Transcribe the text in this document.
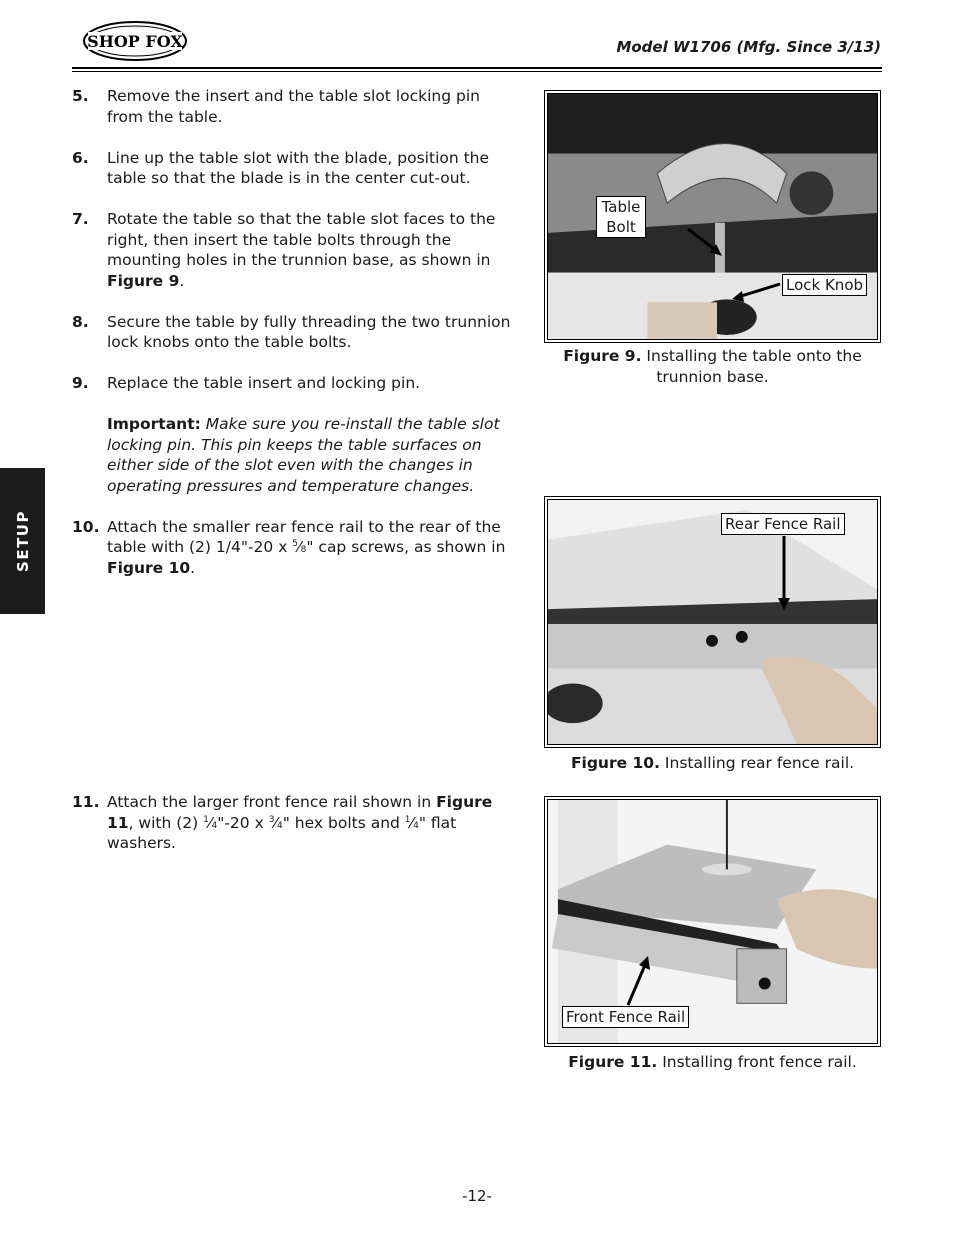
SHOP FOX
· · · · ·
Model W1706 (Mfg. Since 3/13)
SETUP
5. Remove the insert and the table slot locking pin from the table.
6. Line up the table slot with the blade, position the table so that the blade is in the center cut-out.
7. Rotate the table so that the table slot faces to the right, then insert the table bolts through the mounting holes in the trunnion base, as shown in Figure 9.
8. Secure the table by fully threading the two trunnion lock knobs onto the table bolts.
9. Replace the table insert and locking pin.
Important: Make sure you re-install the table slot locking pin. This pin keeps the table surfaces on either side of the slot even with the changes in operating pressures and temperature changes.
10. Attach the smaller rear fence rail to the rear of the table with (2) 1/4"-20 x $^5$⁄8" cap screws, as shown in Figure 10.
11. Attach the larger front fence rail shown in Figure 11, with (2) $^1$⁄4"-20 x $^3$⁄4" hex bolts and $^1$⁄4" flat washers.
Table Bolt
Lock Knob
Figure 9. Installing the table onto the trunnion base.
Rear Fence Rail
Figure 10. Installing rear fence rail.
Front Fence Rail
Figure 11. Installing front fence rail.
-12-
